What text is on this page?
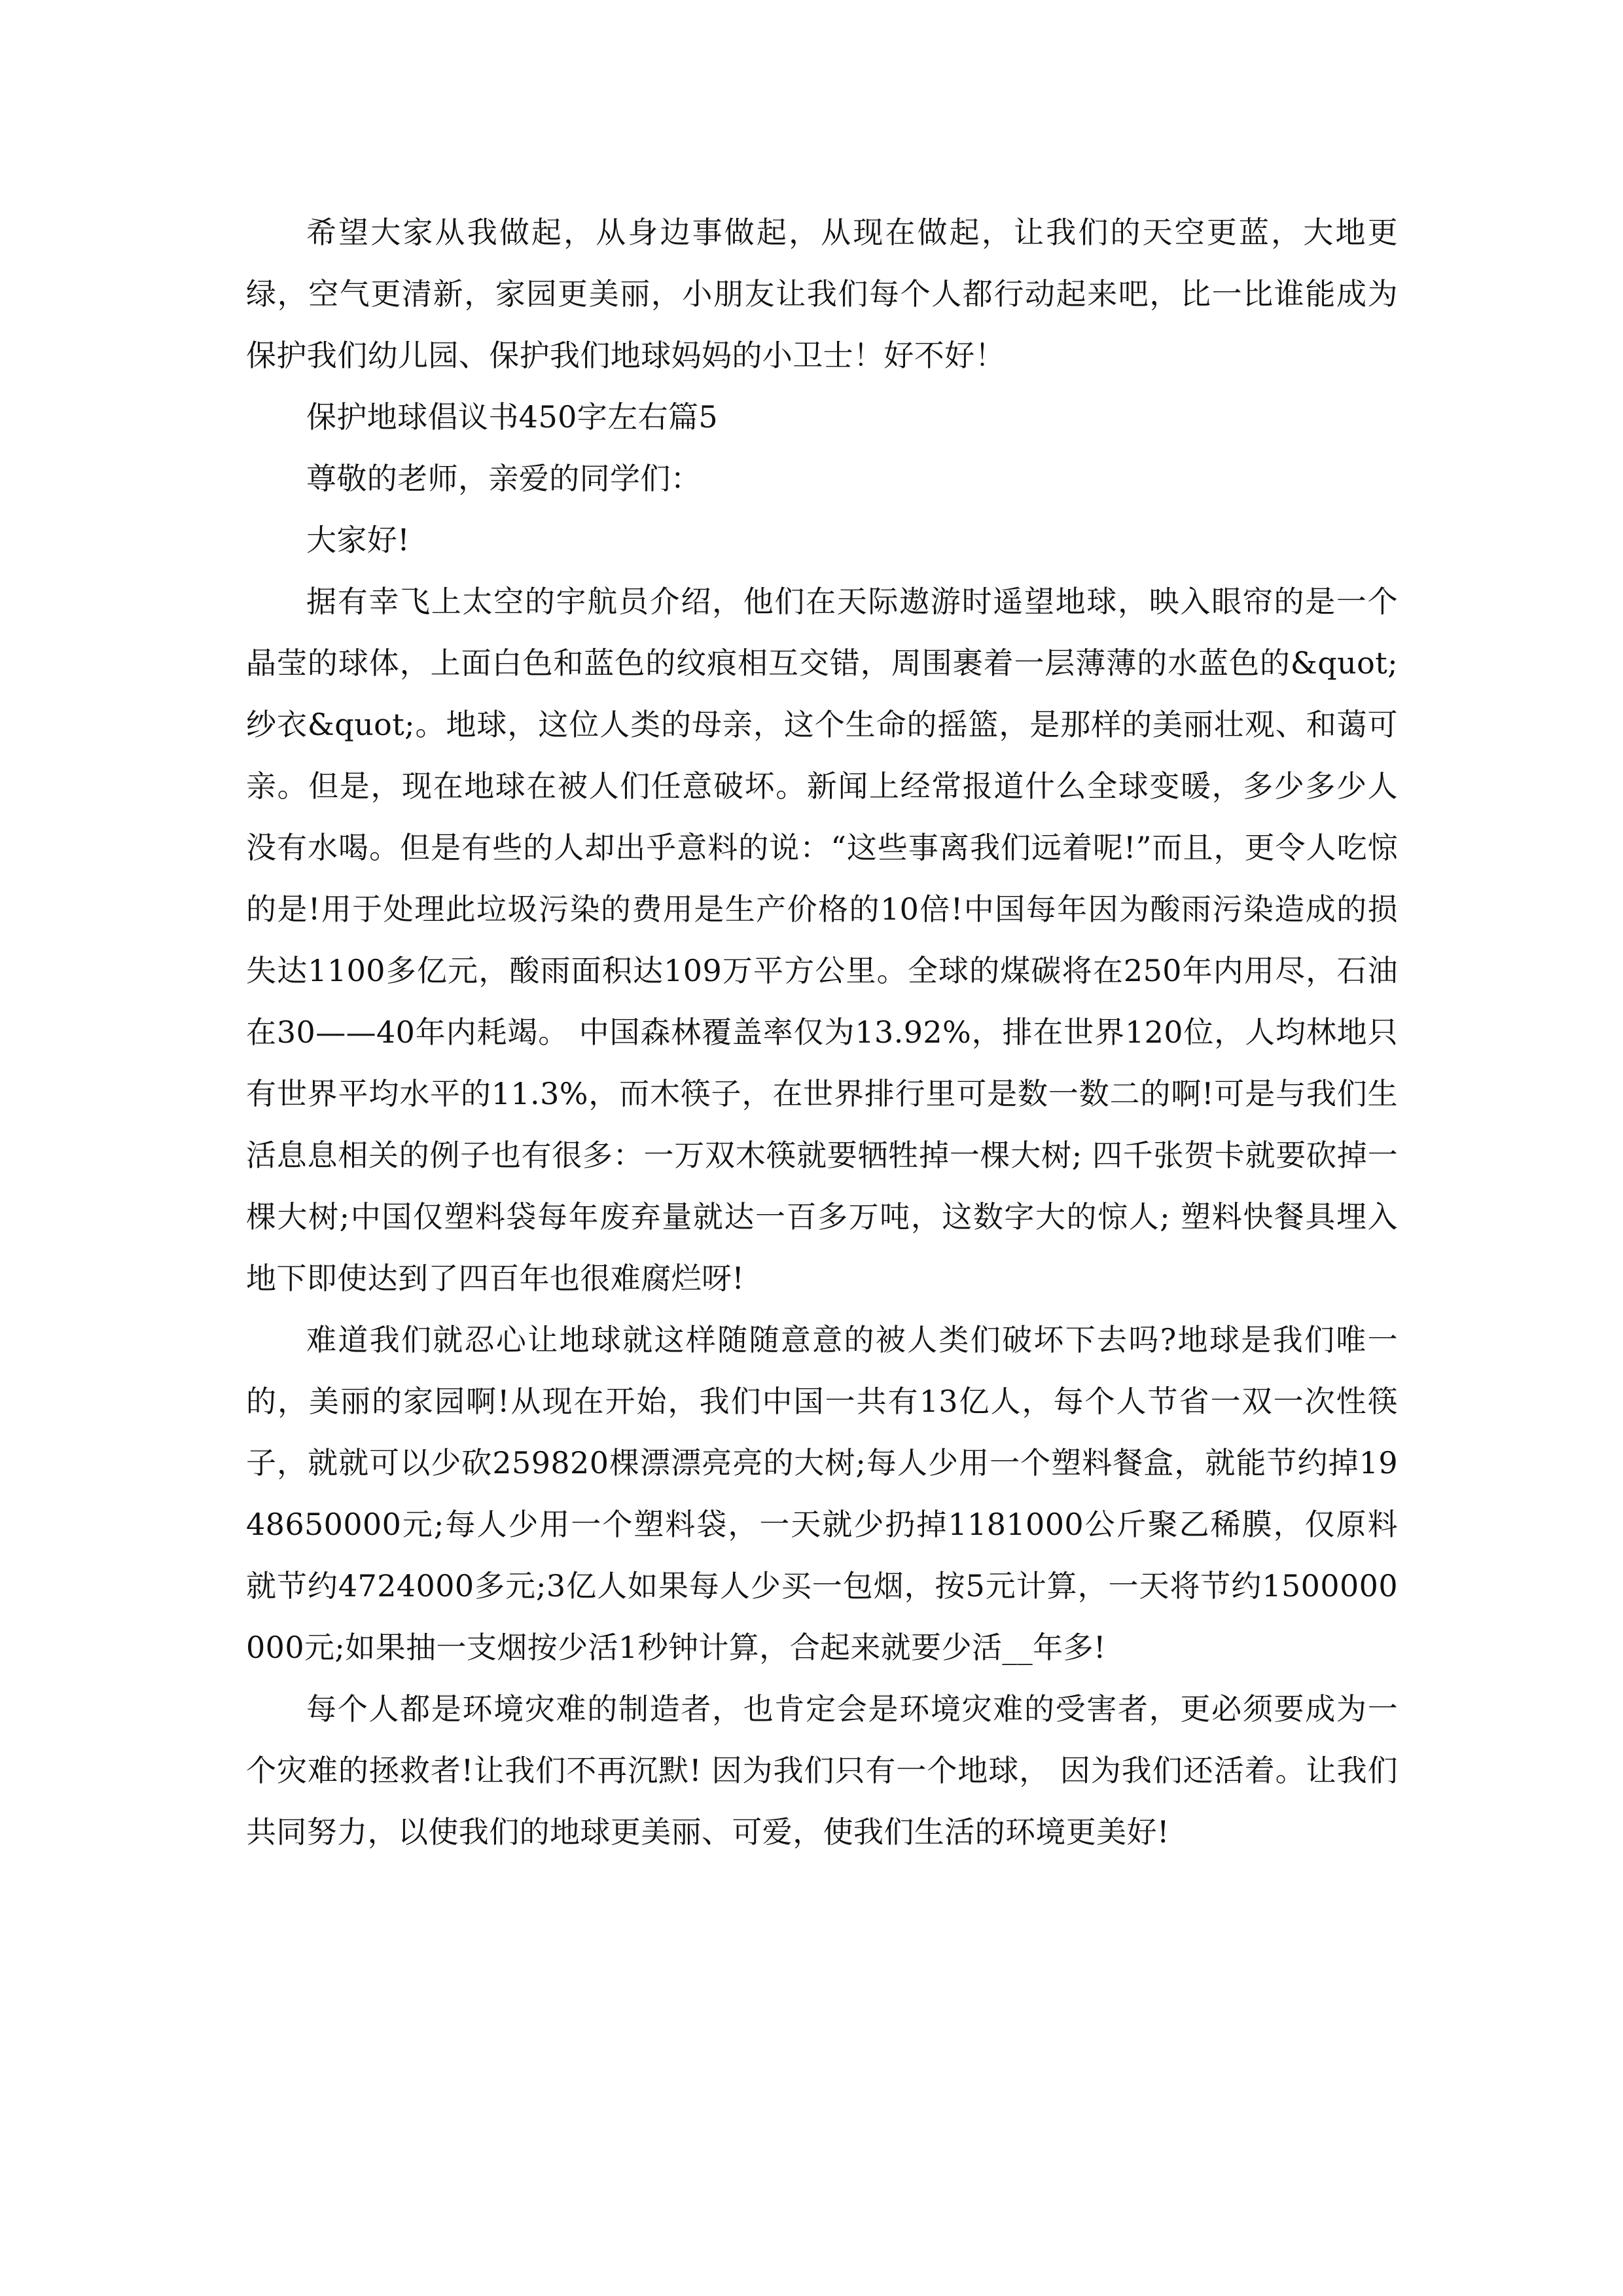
希望大家从我做起，从身边事做起，从现在做起，让我们的天空更蓝，大地更绿，空气更清新，家园更美丽，小朋友让我们每个人都行动起来吧，比一比谁能成为保护我们幼儿园、保护我们地球妈妈的小卫士！好不好！

保护地球倡议书450字左右篇5

尊敬的老师，亲爱的同学们：

大家好!

据有幸飞上太空的宇航员介绍，他们在天际遨游时遥望地球，映入眼帘的是一个晶莹的球体，上面白色和蓝色的纹痕相互交错，周围裹着一层薄薄的水蓝色的&quot;纱衣&quot;。地球，这位人类的母亲，这个生命的摇篮，是那样的美丽壮观、和蔼可亲。但是，现在地球在被人们任意破坏。新闻上经常报道什么全球变暖，多少多少人没有水喝。但是有些的人却出乎意料的说：“这些事离我们远着呢!”而且，更令人吃惊的是!用于处理此垃圾污染的费用是生产价格的10倍!中国每年因为酸雨污染造成的损失达1100多亿元，酸雨面积达109万平方公里。全球的煤碳将在250年内用尽，石油在30——40年内耗竭。 中国森林覆盖率仅为13.92%，排在世界120位，人均林地只有世界平均水平的11.3%，而木筷子，在世界排行里可是数一数二的啊!可是与我们生活息息相关的例子也有很多：一万双木筷就要牺牲掉一棵大树; 四千张贺卡就要砍掉一棵大树;中国仅塑料袋每年废弃量就达一百多万吨，这数字大的惊人; 塑料快餐具埋入地下即使达到了四百年也很难腐烂呀!

难道我们就忍心让地球就这样随随意意的被人类们破坏下去吗?地球是我们唯一的，美丽的家园啊!从现在开始，我们中国一共有13亿人，每个人节省一双一次性筷子，就就可以少砍259820棵漂漂亮亮的大树;每人少用一个塑料餐盒，就能节约掉1948650000元;每人少用一个塑料袋，一天就少扔掉1181000公斤聚乙稀膜，仅原料就节约4724000多元;3亿人如果每人少买一包烟，按5元计算，一天将节约1500000000元;如果抽一支烟按少活1秒钟计算，合起来就要少活__年多!

每个人都是环境灾难的制造者，也肯定会是环境灾难的受害者，更必须要成为一个灾难的拯救者!让我们不再沉默! 因为我们只有一个地球， 因为我们还活着。让我们共同努力，以使我们的地球更美丽、可爱，使我们生活的环境更美好!
